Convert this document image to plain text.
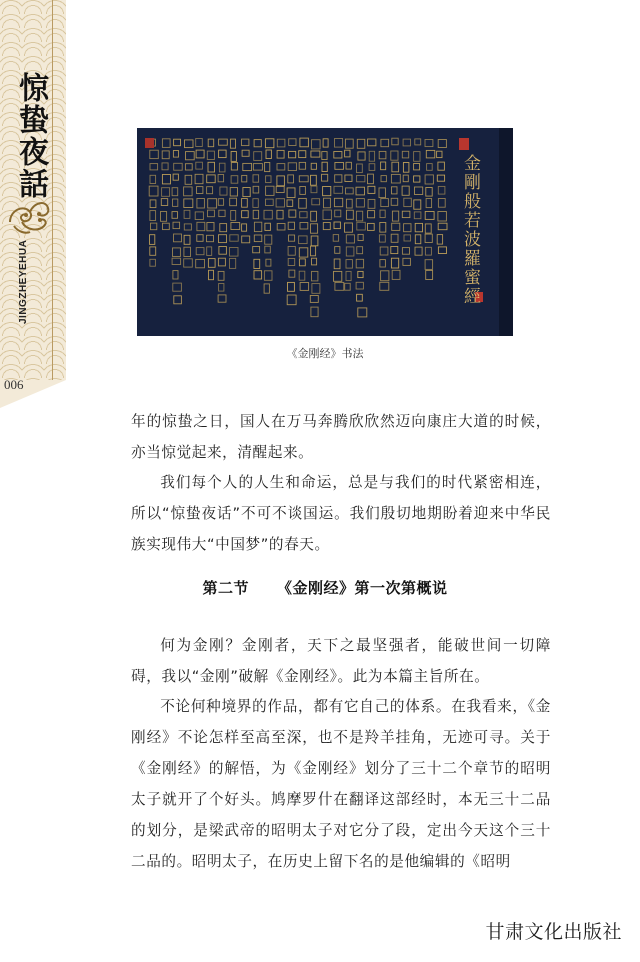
惊蛰夜話
JINGZHEYEHUA
006
金剛般若波羅蜜經
《金刚经》书法

年的惊蛰之日，国人在万马奔腾欣欣然迈向康庄大道的时候，亦当惊觉起来，清醒起来。

我们每个人的人生和命运，总是与我们的时代紧密相连，所以“惊蛰夜话”不可不谈国运。我们殷切地期盼着迎来中华民族实现伟大“中国梦”的春天。

第二节 《金刚经》第一次第概说

何为金刚？金刚者，天下之最坚强者，能破世间一切障碍，我以“金刚”破解《金刚经》。此为本篇主旨所在。

不论何种境界的作品，都有它自己的体系。在我看来，《金刚经》不论怎样至高至深，也不是羚羊挂角，无迹可寻。关于《金刚经》的解悟，为《金刚经》划分了三十二个章节的昭明太子就开了个好头。鸠摩罗什在翻译这部经时，本无三十二品的划分，是梁武帝的昭明太子对它分了段，定出今天这个三十二品的。昭明太子，在历史上留下名的是他编辑的《昭明

甘肃文化出版社
